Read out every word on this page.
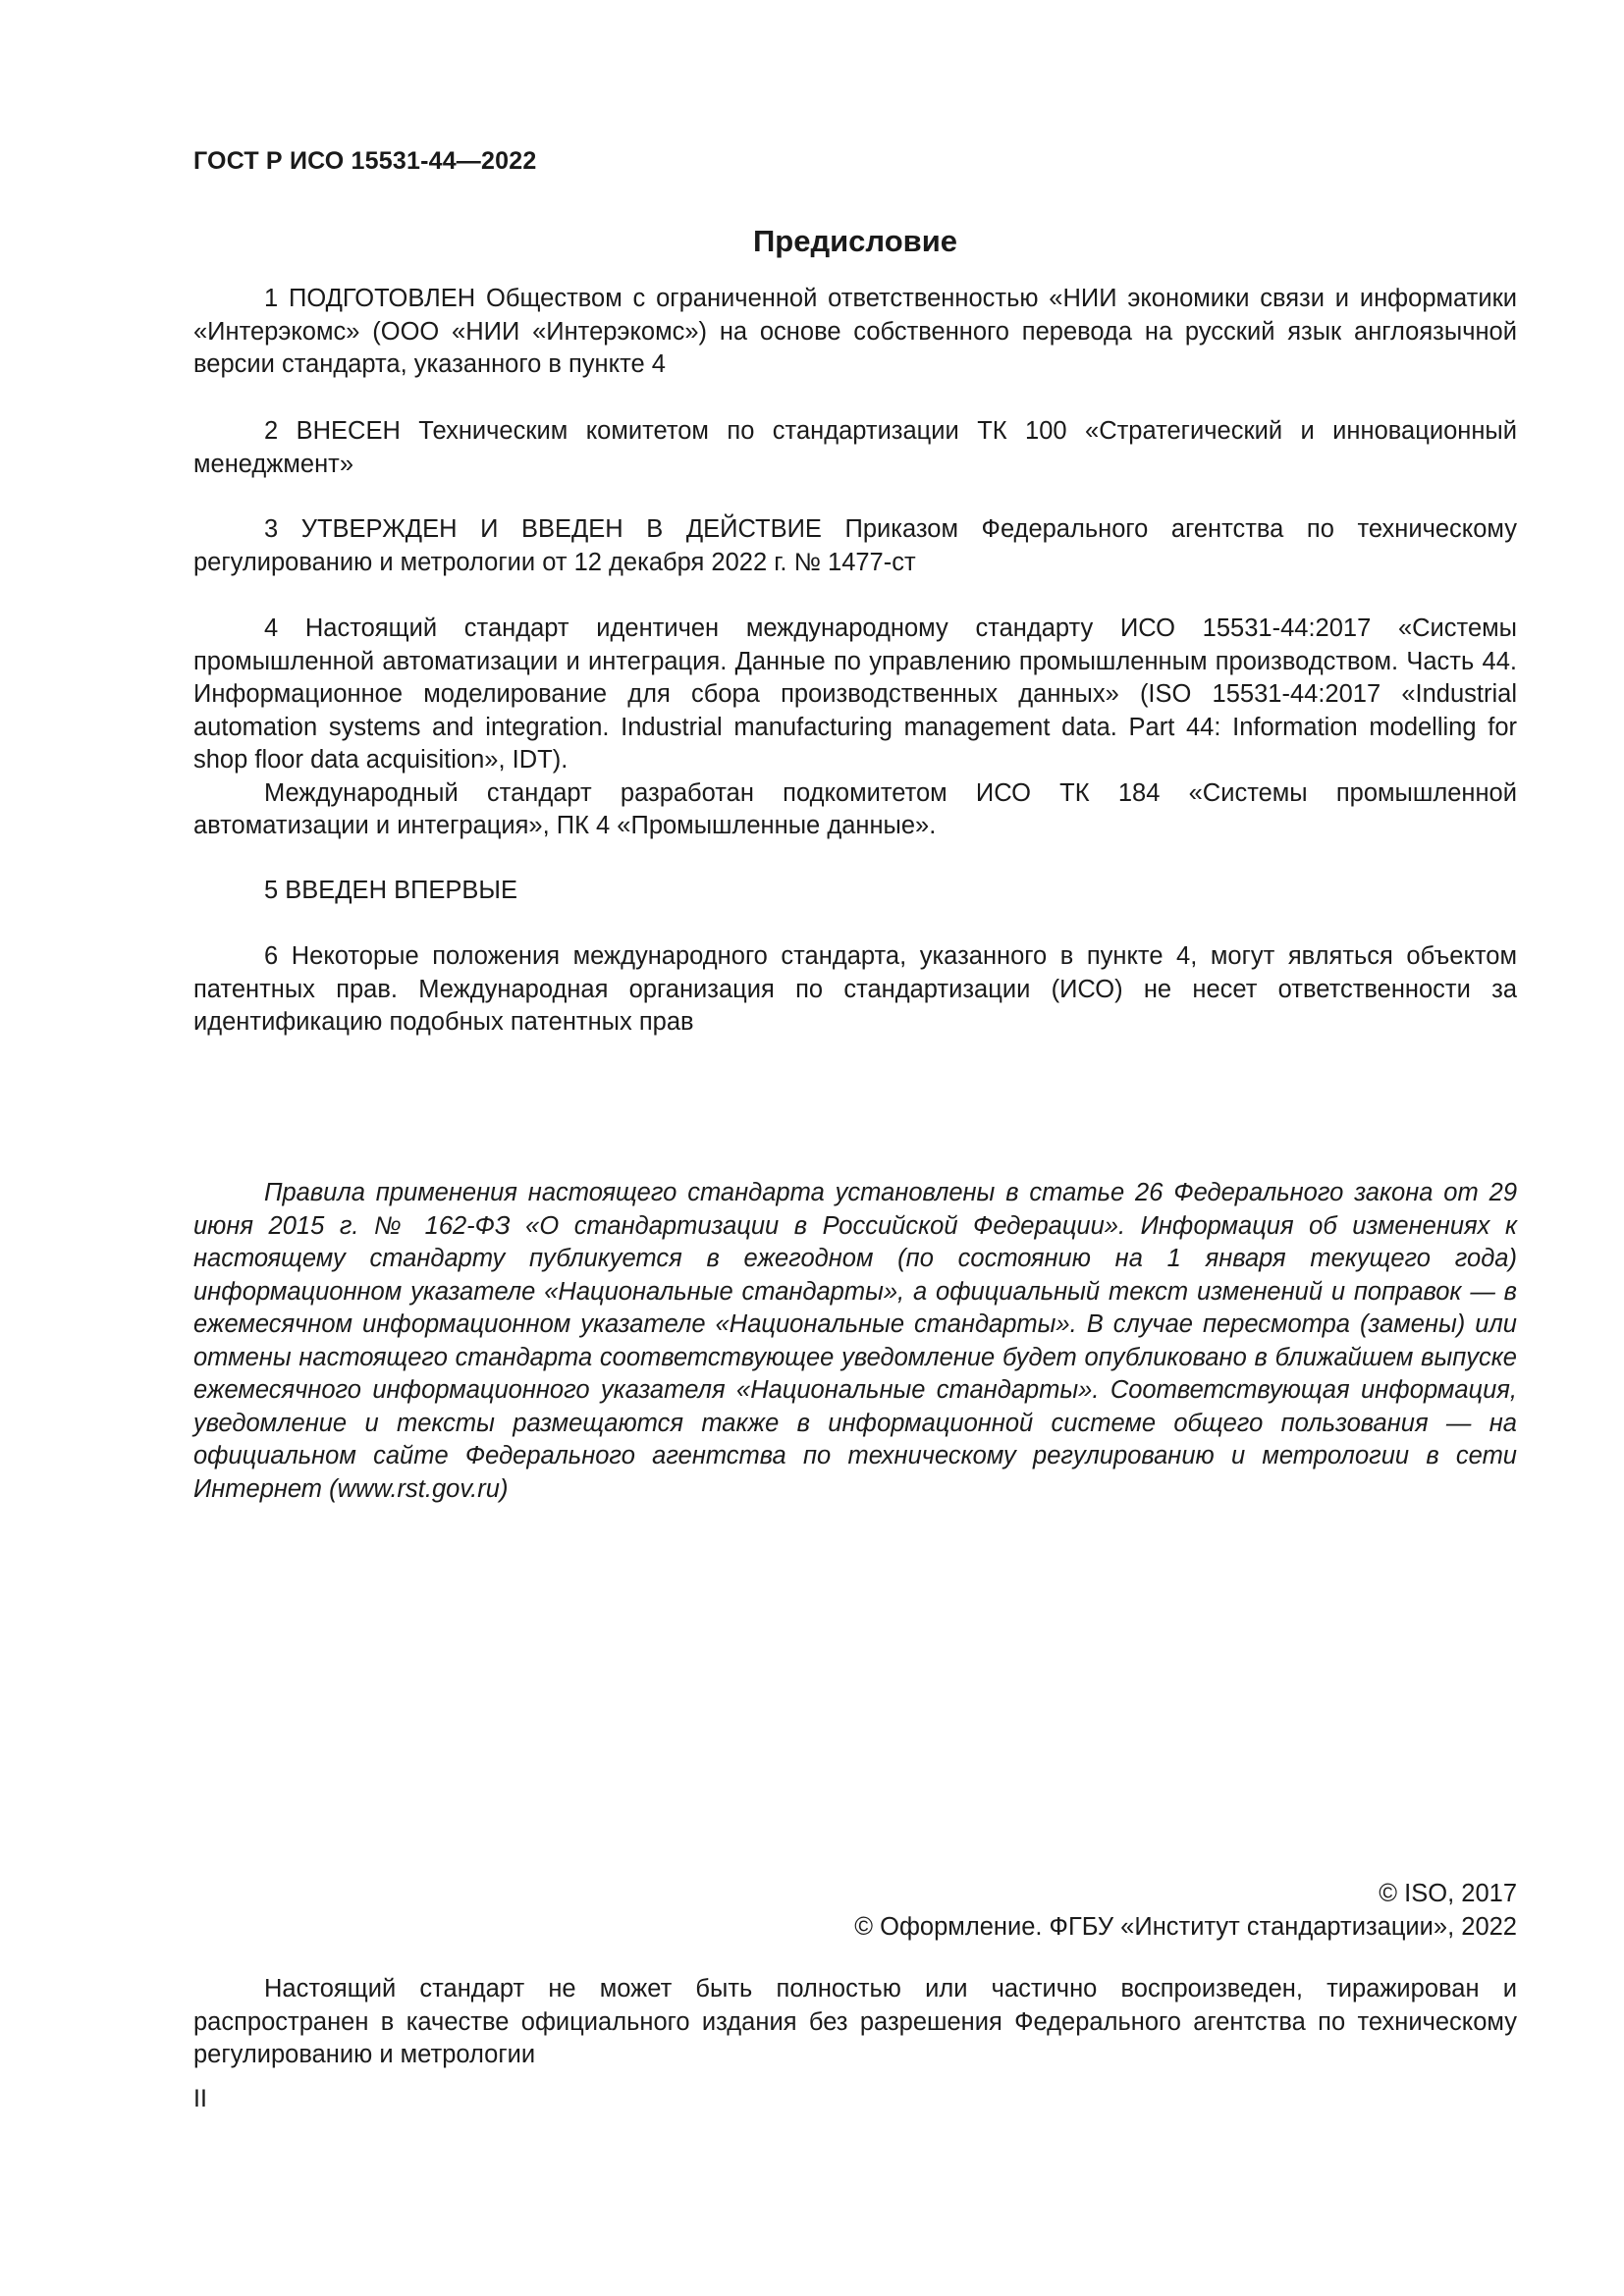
ГОСТ Р ИСО 15531-44—2022
Предисловие

1 ПОДГОТОВЛЕН Обществом с ограниченной ответственностью «НИИ экономики связи и информатики «Интерэкомс» (ООО «НИИ «Интерэкомс») на основе собственного перевода на русский язык англоязычной версии стандарта, указанного в пункте 4

2 ВНЕСЕН Техническим комитетом по стандартизации ТК 100 «Стратегический и инновационный менеджмент»

3 УТВЕРЖДЕН И ВВЕДЕН В ДЕЙСТВИЕ Приказом Федерального агентства по техническому регулированию и метрологии от 12 декабря 2022 г. № 1477-ст

4 Настоящий стандарт идентичен международному стандарту ИСО 15531-44:2017 «Системы промышленной автоматизации и интеграция. Данные по управлению промышленным производством. Часть 44. Информационное моделирование для сбора производственных данных» (ISO 15531-44:2017 «Industrial automation systems and integration. Industrial manufacturing management data. Part 44: Information modelling for shop floor data acquisition», IDT).

Международный стандарт разработан подкомитетом ИСО ТК 184 «Системы промышленной автоматизации и интеграция», ПК 4 «Промышленные данные».

5 ВВЕДЕН ВПЕРВЫЕ

6 Некоторые положения международного стандарта, указанного в пункте 4, могут являться объектом патентных прав. Международная организация по стандартизации (ИСО) не несет ответственности за идентификацию подобных патентных прав

Правила применения настоящего стандарта установлены в статье 26 Федерального закона от 29 июня 2015 г. № 162-ФЗ «О стандартизации в Российской Федерации». Информация об изменениях к настоящему стандарту публикуется в ежегодном (по состоянию на 1 января текущего года) информационном указателе «Национальные стандарты», а официальный текст изменений и поправок — в ежемесячном информационном указателе «Национальные стандарты». В случае пересмотра (замены) или отмены настоящего стандарта соответствующее уведомление будет опубликовано в ближайшем выпуске ежемесячного информационного указателя «Национальные стандарты». Соответствующая информация, уведомление и тексты размещаются также в информационной системе общего пользования — на официальном сайте Федерального агентства по техническому регулированию и метрологии в сети Интернет (www.rst.gov.ru)

© ISO, 2017
© Оформление. ФГБУ «Институт стандартизации», 2022

Настоящий стандарт не может быть полностью или частично воспроизведен, тиражирован и распространен в качестве официального издания без разрешения Федерального агентства по техническому регулированию и метрологии

II
